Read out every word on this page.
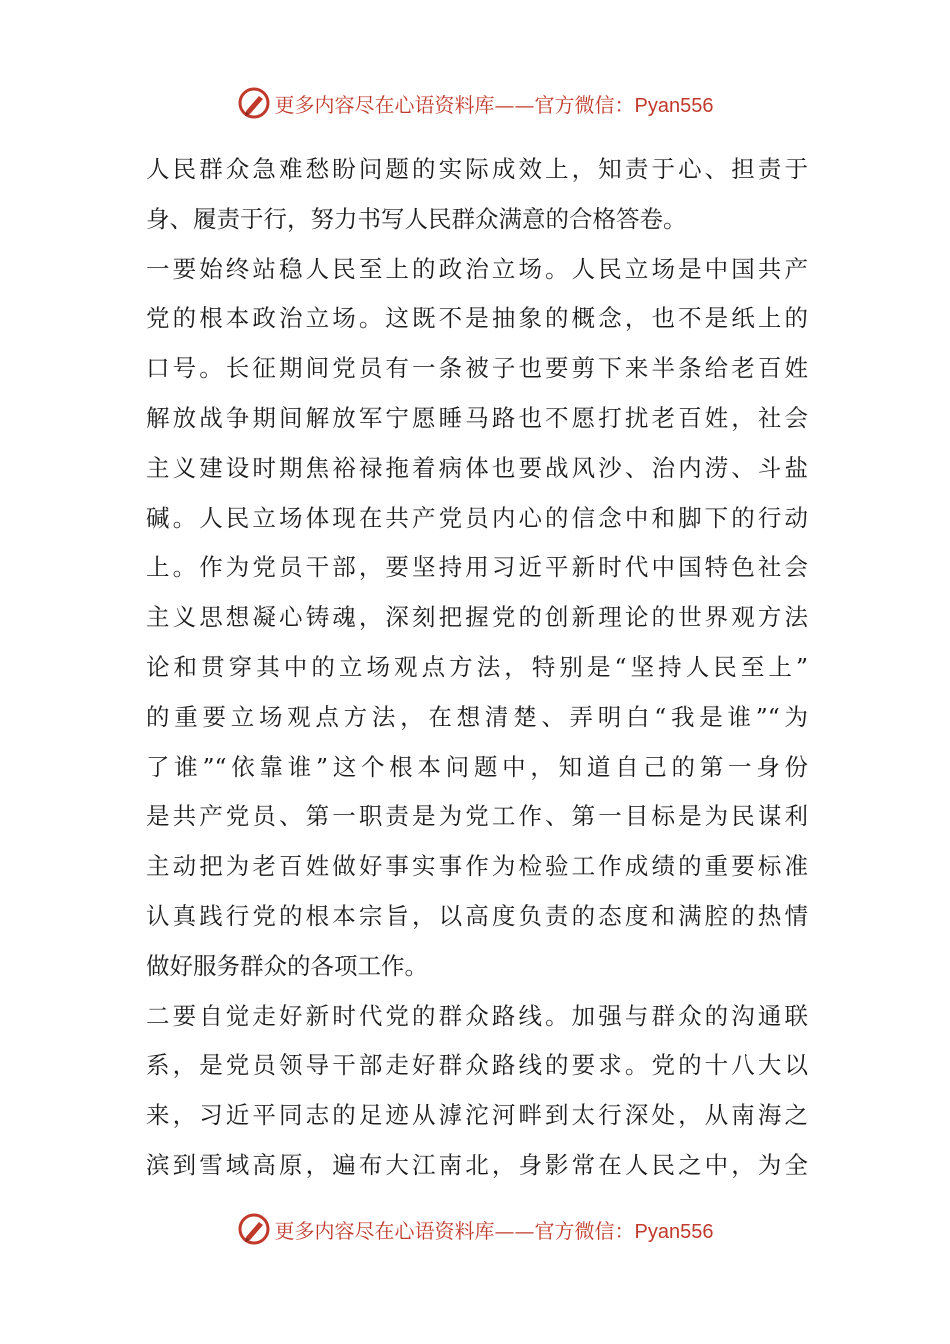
更多内容尽在心语资料库——官方微信：Pyan556
人民群众急难愁盼问题的实际成效上，知责于心、担责于
身、履责于行，努力书写人民群众满意的合格答卷。
一要始终站稳人民至上的政治立场。人民立场是中国共产
党的根本政治立场。这既不是抽象的概念，也不是纸上的
口号。长征期间党员有一条被子也要剪下来半条给老百姓
解放战争期间解放军宁愿睡马路也不愿打扰老百姓，社会
主义建设时期焦裕禄拖着病体也要战风沙、治内涝、斗盐
碱。人民立场体现在共产党员内心的信念中和脚下的行动
上。作为党员干部，要坚持用习近平新时代中国特色社会
主义思想凝心铸魂，深刻把握党的创新理论的世界观方法
论和贯穿其中的立场观点方法，特别是“坚持人民至上”
的重要立场观点方法，在想清楚、弄明白“我是谁”“为
了谁”“依靠谁”这个根本问题中，知道自己的第一身份
是共产党员、第一职责是为党工作、第一目标是为民谋利
主动把为老百姓做好事实事作为检验工作成绩的重要标准
认真践行党的根本宗旨，以高度负责的态度和满腔的热情
做好服务群众的各项工作。
二要自觉走好新时代党的群众路线。加强与群众的沟通联
系，是党员领导干部走好群众路线的要求。党的十八大以
来，习近平同志的足迹从滹沱河畔到太行深处，从南海之
滨到雪域高原，遍布大江南北，身影常在人民之中，为全
更多内容尽在心语资料库——官方微信：Pyan556
